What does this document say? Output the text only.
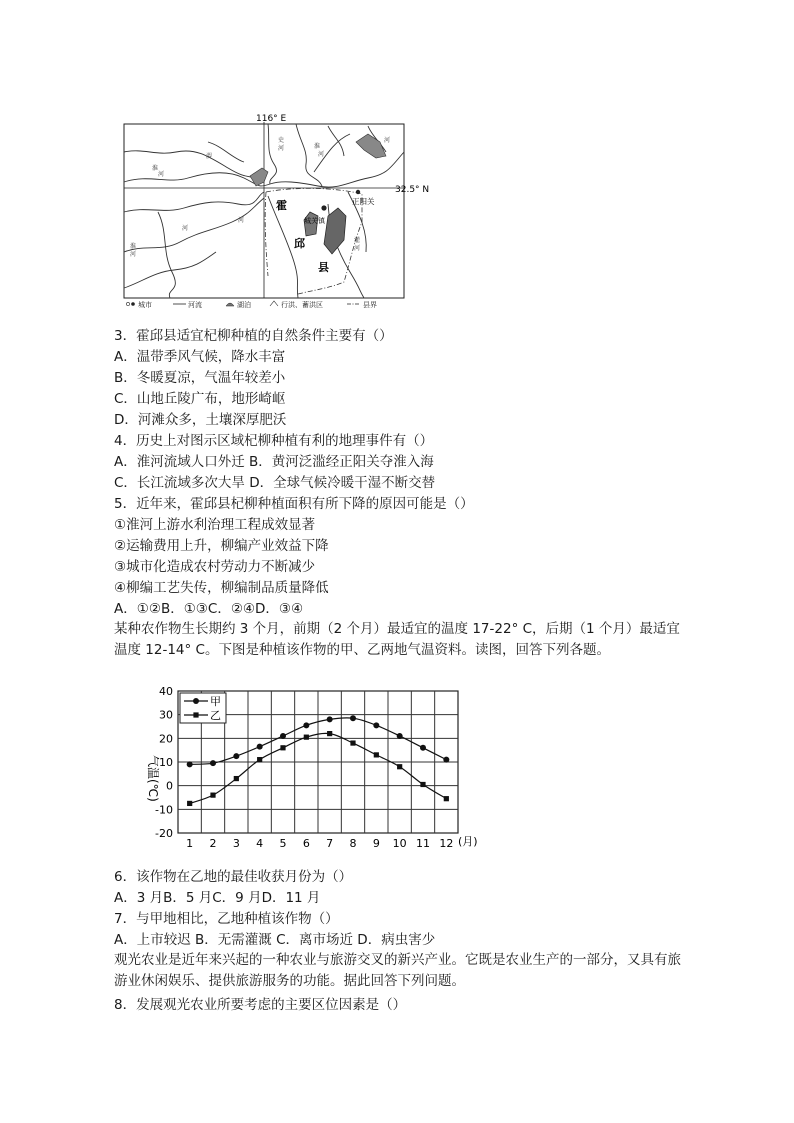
116° E
32.5° N
霍
邱
县
城关镇
正阳关
淮
河
淠
史
河	淮
河
河
淮
河
灌
河
河
河
城市	河流	湖泊	行洪、蓄洪区	县界
3．霍邱县适宜杞柳种植的自然条件主要有（）
A．温带季风气候，降水丰富
B．冬暖夏凉，气温年较差小
C．山地丘陵广布，地形崎岖
D．河滩众多，土壤深厚肥沃
4．历史上对图示区域杞柳种植有利的地理事件有（）
A．淮河流域人口外迁 B．黄河泛滥经正阳关夺淮入海
C．长江流域多次大旱 D．全球气候冷暖干湿不断交替
5．近年来，霍邱县杞柳种植面积有所下降的原因可能是（）
①淮河上游水利治理工程成效显著
②运输费用上升，柳编产业效益下降
③城市化造成农村劳动力不断减少
④柳编工艺失传，柳编制品质量降低
A．①②B．①③C．②④D．③④
某种农作物生长期约 3 个月，前期（2 个月）最适宜的温度 17-22° C，后期（1 个月）最适宜温度 12-14° C。下图是种植该作物的甲、乙两地气温资料。读图，回答下列各题。
40
30
20
10
0
-10
-20
1 2 3 4 5 6 7 8 9 10 11 12
甲
乙
气温(℃)
(月)
6．该作物在乙地的最佳收获月份为（）
A．3 月B．5 月C．9 月D．11 月
7．与甲地相比，乙地种植该作物（）
A．上市较迟 B．无需灌溉 C．离市场近 D．病虫害少
观光农业是近年来兴起的一种农业与旅游交叉的新兴产业。它既是农业生产的一部分，又具有旅游业休闲娱乐、提供旅游服务的功能。据此回答下列问题。
8．发展观光农业所要考虑的主要区位因素是（）
